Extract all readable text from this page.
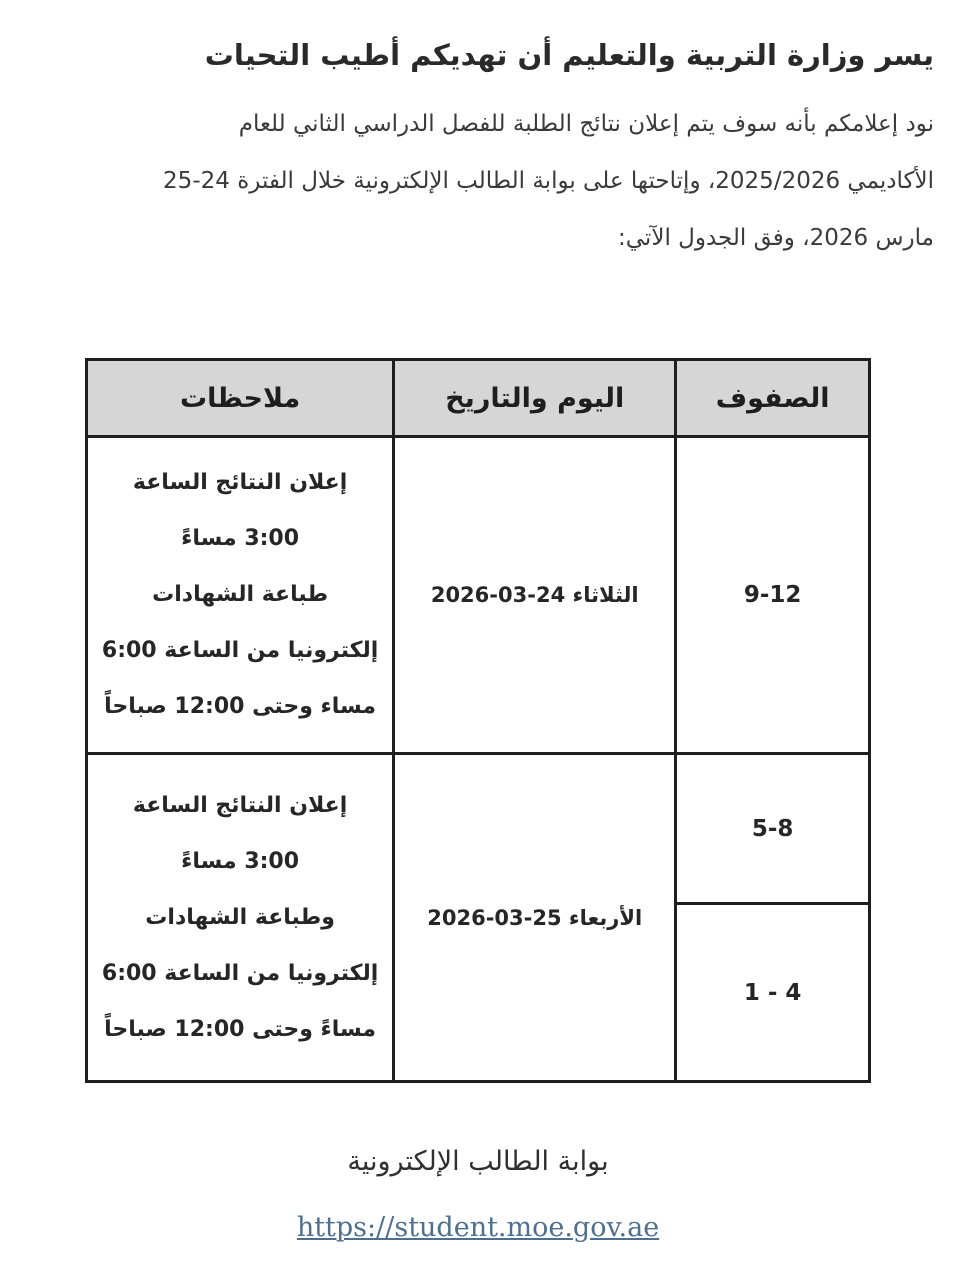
يسر وزارة التربية والتعليم أن تهديكم أطيب التحيات

نود إعلامكم بأنه سوف يتم إعلان نتائج الطلبة للفصل الدراسي الثاني للعام
الأكاديمي 2025/2026، وإتاحتها على بوابة الطالب الإلكترونية خلال الفترة 24-25
مارس 2026، وفق الجدول الآتي:

الصفوف	اليوم والتاريخ	ملاحظات
9-12	الثلاثاء 24-03-2026	إعلان النتائج الساعة
3:00 مساءً
طباعة الشهادات
إلكترونيا من الساعة 6:00
مساء وحتى 12:00 صباحاً

5-8	الأربعاء 25-03-2026	إعلان النتائج الساعة
3:00 مساءً
وطباعة الشهادات
إلكترونيا من الساعة 6:00
مساءً وحتى 12:00 صباحاً

1 - 4		

بوابة الطالب الإلكترونية

https://student.moe.gov.ae
